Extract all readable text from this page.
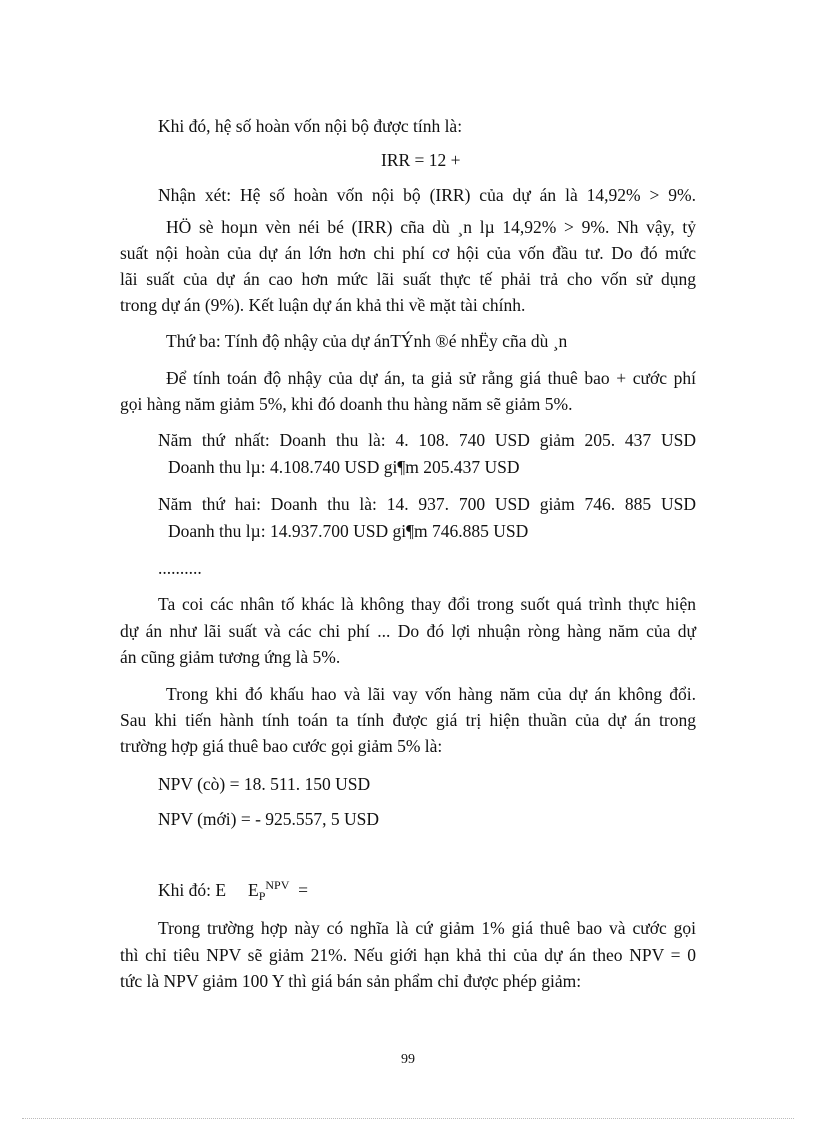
Khi đó, hệ số hoàn vốn nội bộ được tính là:
IRR = 12 +
Nhận xét: Hệ số hoàn vốn nội bộ (IRR) của dự án là 14,92% > 9%.
HÖ sè hoµn vèn néi bé (IRR) cña dù ¸n lµ 14,92% > 9%. Nh vậy, tỷ
suất nội hoàn của dự án lớn hơn chi phí cơ hội của vốn đầu tư. Do đó mức
lãi suất của dự án cao hơn mức lãi suất thực tế phải trả cho vốn sử dụng
trong dự án (9%). Kết luận dự án khả thi về mặt tài chính.
Thứ ba: Tính độ nhậy của dự ánTÝnh ®é nhËy cña dù ¸n
Để tính toán độ nhậy của dự án, ta giả sử rằng giá thuê bao + cước phí
gọi hàng năm giảm 5%, khi đó doanh thu hàng năm sẽ giảm 5%.
Năm thứ nhất: Doanh thu là: 4. 108. 740 USD giảm 205. 437 USD
Doanh thu lµ: 4.108.740 USD gi¶m 205.437 USD
Năm thứ hai: Doanh thu là: 14. 937. 700 USD giảm 746. 885 USD
Doanh thu lµ: 14.937.700 USD gi¶m 746.885 USD
..........
Ta coi các nhân tố khác là không thay đổi trong suốt quá trình thực hiện
dự án như lãi suất và các chi phí ... Do đó lợi nhuận ròng hàng năm của dự
án cũng giảm tương ứng là 5%.
Trong khi đó khấu hao và lãi vay vốn hàng năm của dự án không đổi.
Sau khi tiến hành tính toán ta tính được giá trị hiện thuần của dự án trong
trường hợp giá thuê bao cước gọi giảm 5% là:
NPV (cò) = 18. 511. 150 USD
NPV (mới) = - 925.557, 5 USD
Khi đó: E $E_P^{NPV}$ =
Trong trường hợp này có nghĩa là cứ giảm 1% giá thuê bao và cước gọi
thì chỉ tiêu NPV sẽ giảm 21%. Nếu giới hạn khả thi của dự án theo NPV = 0
tức là NPV giảm 100 Y thì giá bán sản phẩm chỉ được phép giảm:
99
